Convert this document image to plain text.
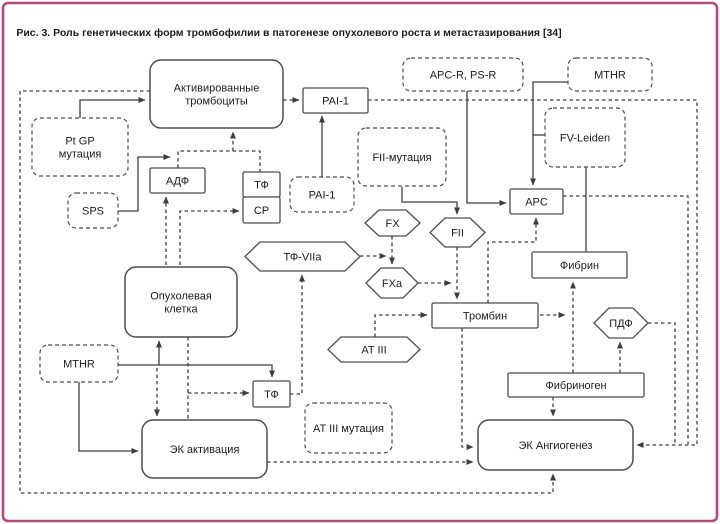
Рис. 3. Роль генетических форм тромбофилии в патогенезе опухолевого роста и метастазирования [34]
Активированные тромбоциты
Опухолевая клетка
ЭК активация	ЭК Ангиогенез
PAI-1
АДФ	ТФ
СР
APC
Фибрин
Тромбин
Фибриноген
ТФ
Pt GP мутация
SPS
PAI-1
FII-мутация
APC-R, PS-R	MTHR
FV-Leiden
MTHR
AT III мутация
ТФ-VIIa
FX
FXa
FII
AT III
ПДФ
